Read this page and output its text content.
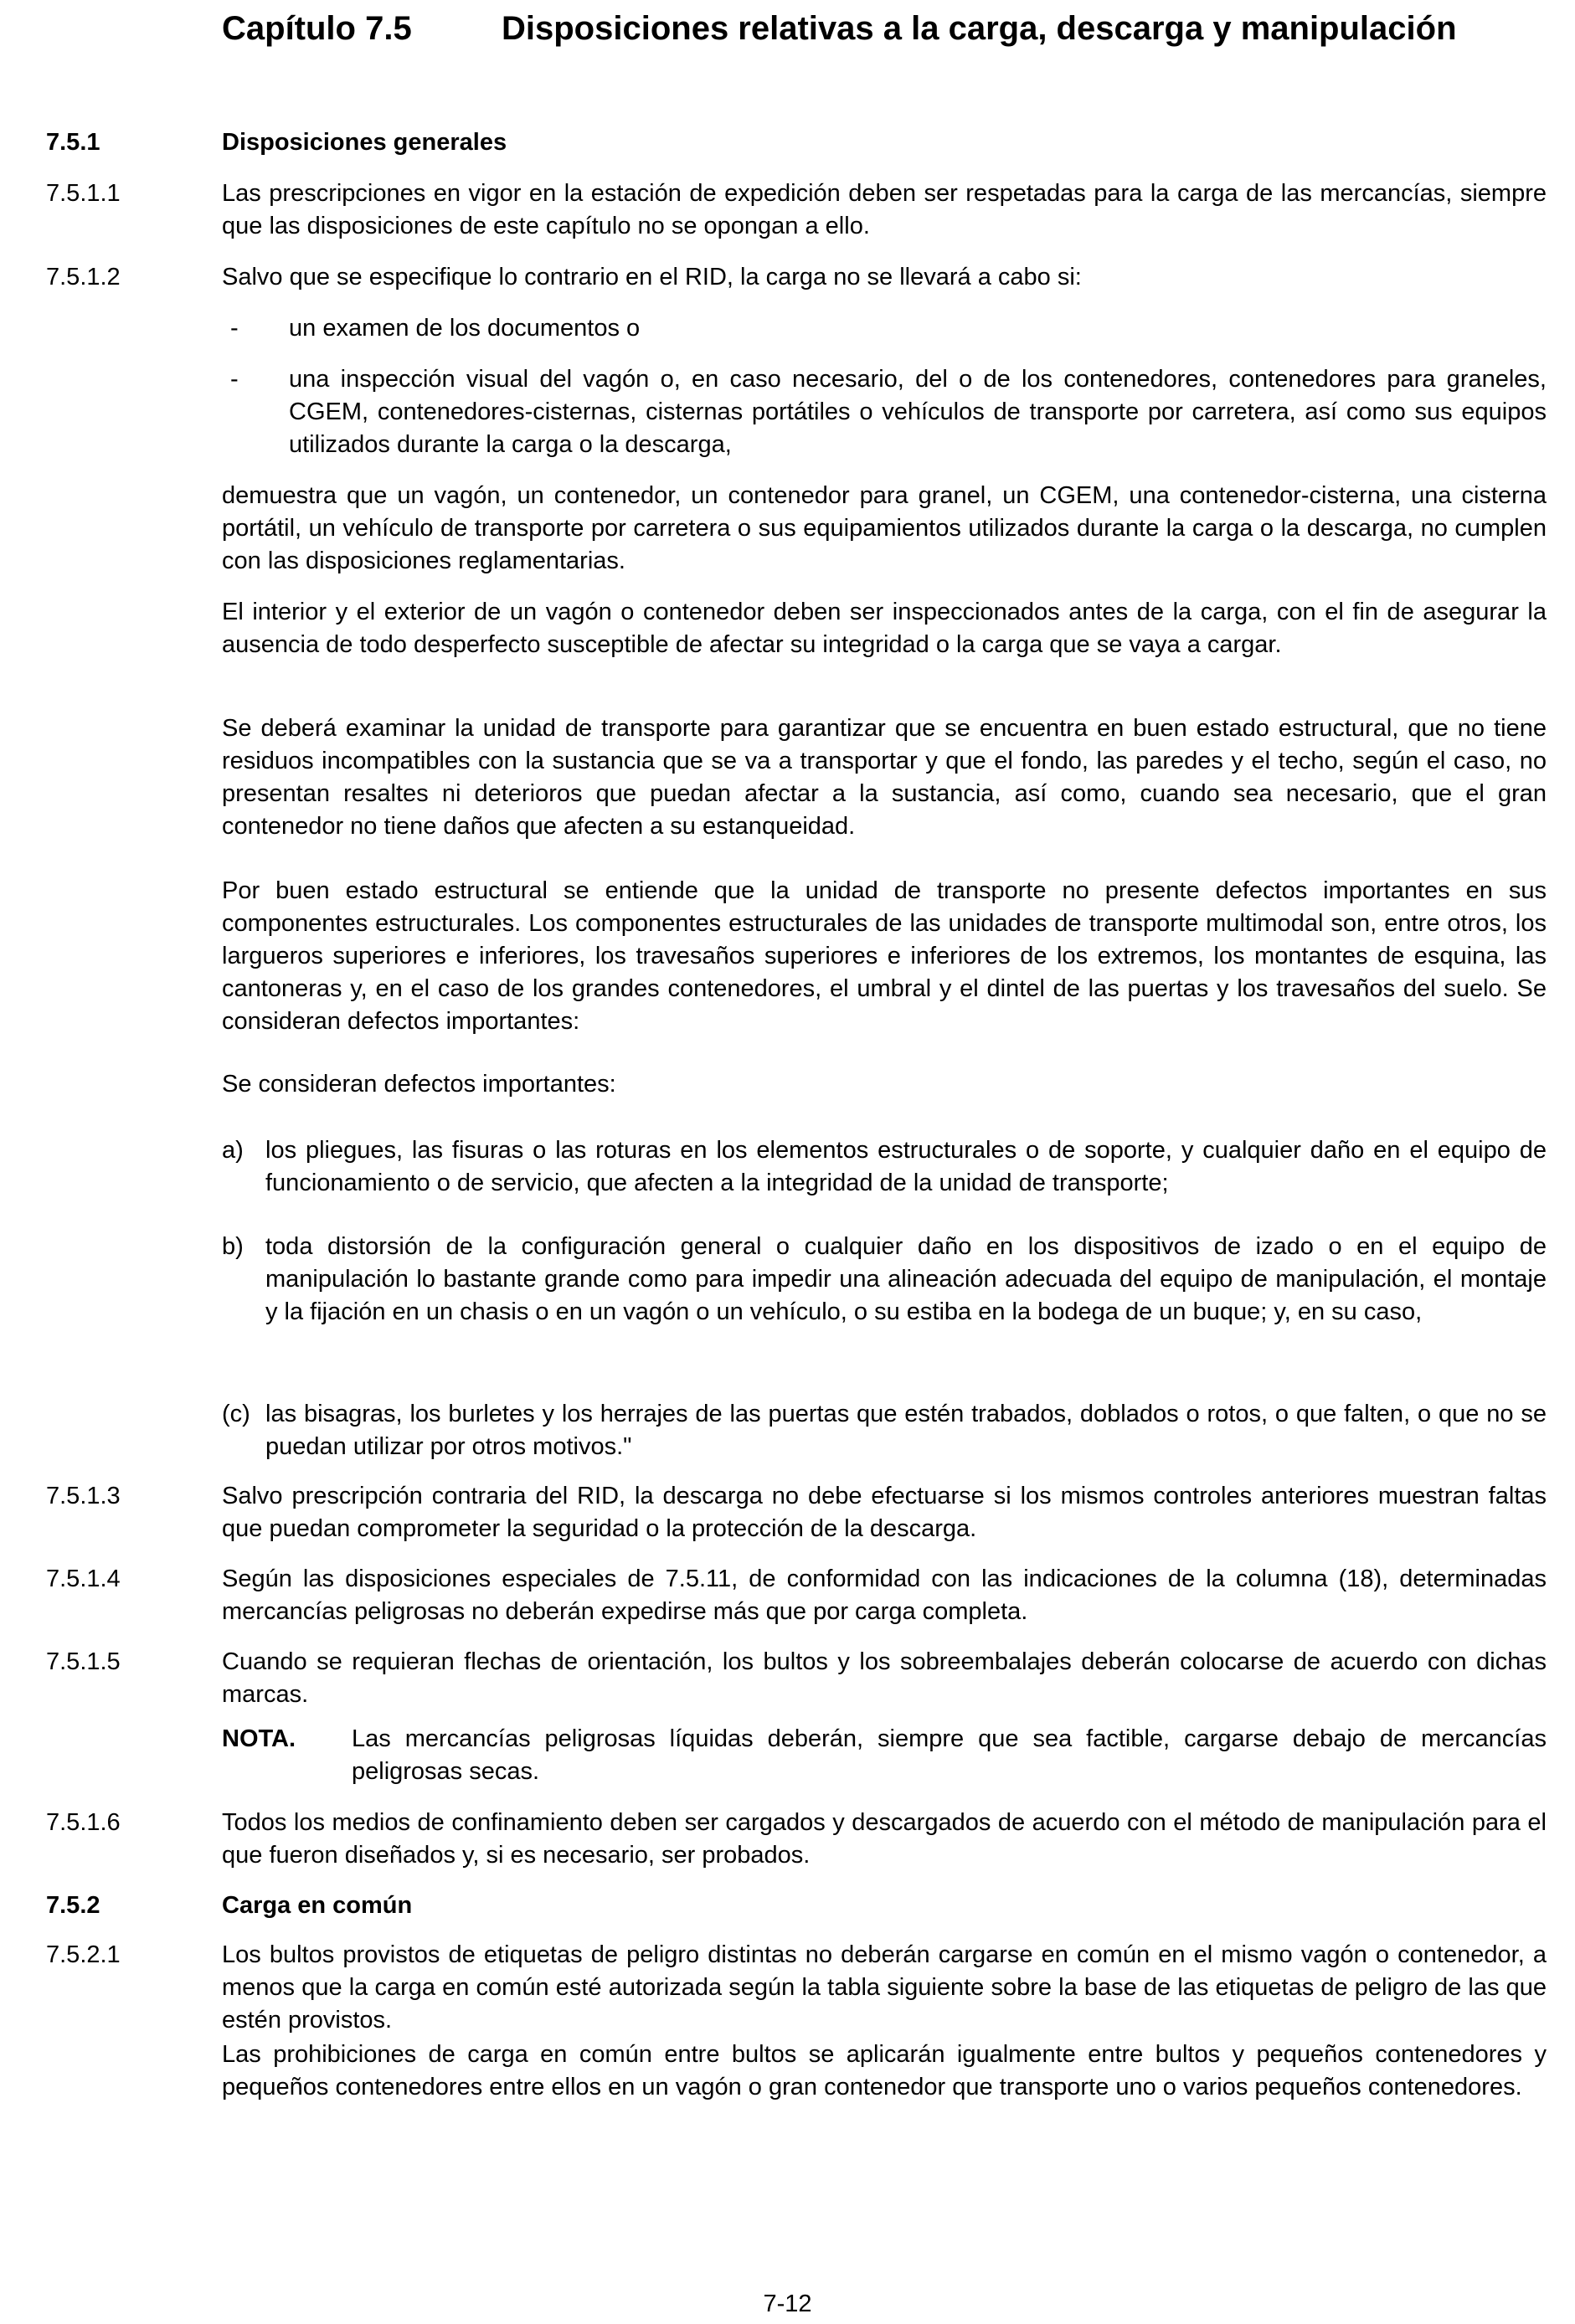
Capítulo 7.5	Disposiciones relativas a la carga, descarga y manipulación
7.5.1	Disposiciones generales
7.5.1.1	Las prescripciones en vigor en la estación de expedición deben ser respetadas para la carga de las mercancías, siempre que las disposiciones de este capítulo no se opongan a ello.
7.5.1.2	Salvo que se especifique lo contrario en el RID, la carga no se llevará a cabo si:
- un examen de los documentos o
- una inspección visual del vagón o, en caso necesario, del o de los contenedores, contenedores para graneles, CGEM, contenedores-cisternas, cisternas portátiles o vehículos de transporte por carretera, así como sus equipos utilizados durante la carga o la descarga,
demuestra que un vagón, un contenedor, un contenedor para granel, un CGEM, una contenedor-cisterna, una cisterna portátil, un vehículo de transporte por carretera o sus equipamientos utilizados durante la carga o la descarga, no cumplen con las disposiciones reglamentarias.
El interior y el exterior de un vagón o contenedor deben ser inspeccionados antes de la carga, con el fin de asegurar la ausencia de todo desperfecto susceptible de afectar su integridad o la carga que se vaya a cargar.
Se deberá examinar la unidad de transporte para garantizar que se encuentra en buen estado estructural, que no tiene residuos incompatibles con la sustancia que se va a transportar y que el fondo, las paredes y el techo, según el caso, no presentan resaltes ni deterioros que puedan afectar a la sustancia, así como, cuando sea necesario, que el gran contenedor no tiene daños que afecten a su estanqueidad.
Por buen estado estructural se entiende que la unidad de transporte no presente defectos importantes en sus componentes estructurales. Los componentes estructurales de las unidades de transporte multimodal son, entre otros, los largueros superiores e inferiores, los travesaños superiores e inferiores de los extremos, los montantes de esquina, las cantoneras y, en el caso de los grandes contenedores, el umbral y el dintel de las puertas y los travesaños del suelo. Se consideran defectos importantes:
Se consideran defectos importantes:
a) los pliegues, las fisuras o las roturas en los elementos estructurales o de soporte, y cualquier daño en el equipo de funcionamiento o de servicio, que afecten a la integridad de la unidad de transporte;
b) toda distorsión de la configuración general o cualquier daño en los dispositivos de izado o en el equipo de manipulación lo bastante grande como para impedir una alineación adecuada del equipo de manipulación, el montaje y la fijación en un chasis o en un vagón o un vehículo, o su estiba en la bodega de un buque; y, en su caso,
(c) las bisagras, los burletes y los herrajes de las puertas que estén trabados, doblados o rotos, o que falten, o que no se puedan utilizar por otros motivos."
7.5.1.3	Salvo prescripción contraria del RID, la descarga no debe efectuarse si los mismos controles anteriores muestran faltas que puedan comprometer la seguridad o la protección de la descarga.
7.5.1.4	Según las disposiciones especiales de 7.5.11, de conformidad con las indicaciones de la columna (18), determinadas mercancías peligrosas no deberán expedirse más que por carga completa.
7.5.1.5	Cuando se requieran flechas de orientación, los bultos y los sobreembalajes deberán colocarse de acuerdo con dichas marcas.
NOTA. Las mercancías peligrosas líquidas deberán, siempre que sea factible, cargarse debajo de mercancías peligrosas secas.
7.5.1.6	Todos los medios de confinamiento deben ser cargados y descargados de acuerdo con el método de manipulación para el que fueron diseñados y, si es necesario, ser probados.
7.5.2	Carga en común
7.5.2.1	Los bultos provistos de etiquetas de peligro distintas no deberán cargarse en común en el mismo vagón o contenedor, a menos que la carga en común esté autorizada según la tabla siguiente sobre la base de las etiquetas de peligro de las que estén provistos.
Las prohibiciones de carga en común entre bultos se aplicarán igualmente entre bultos y pequeños contenedores y pequeños contenedores entre ellos en un vagón o gran contenedor que transporte uno o varios pequeños contenedores.
7-12
